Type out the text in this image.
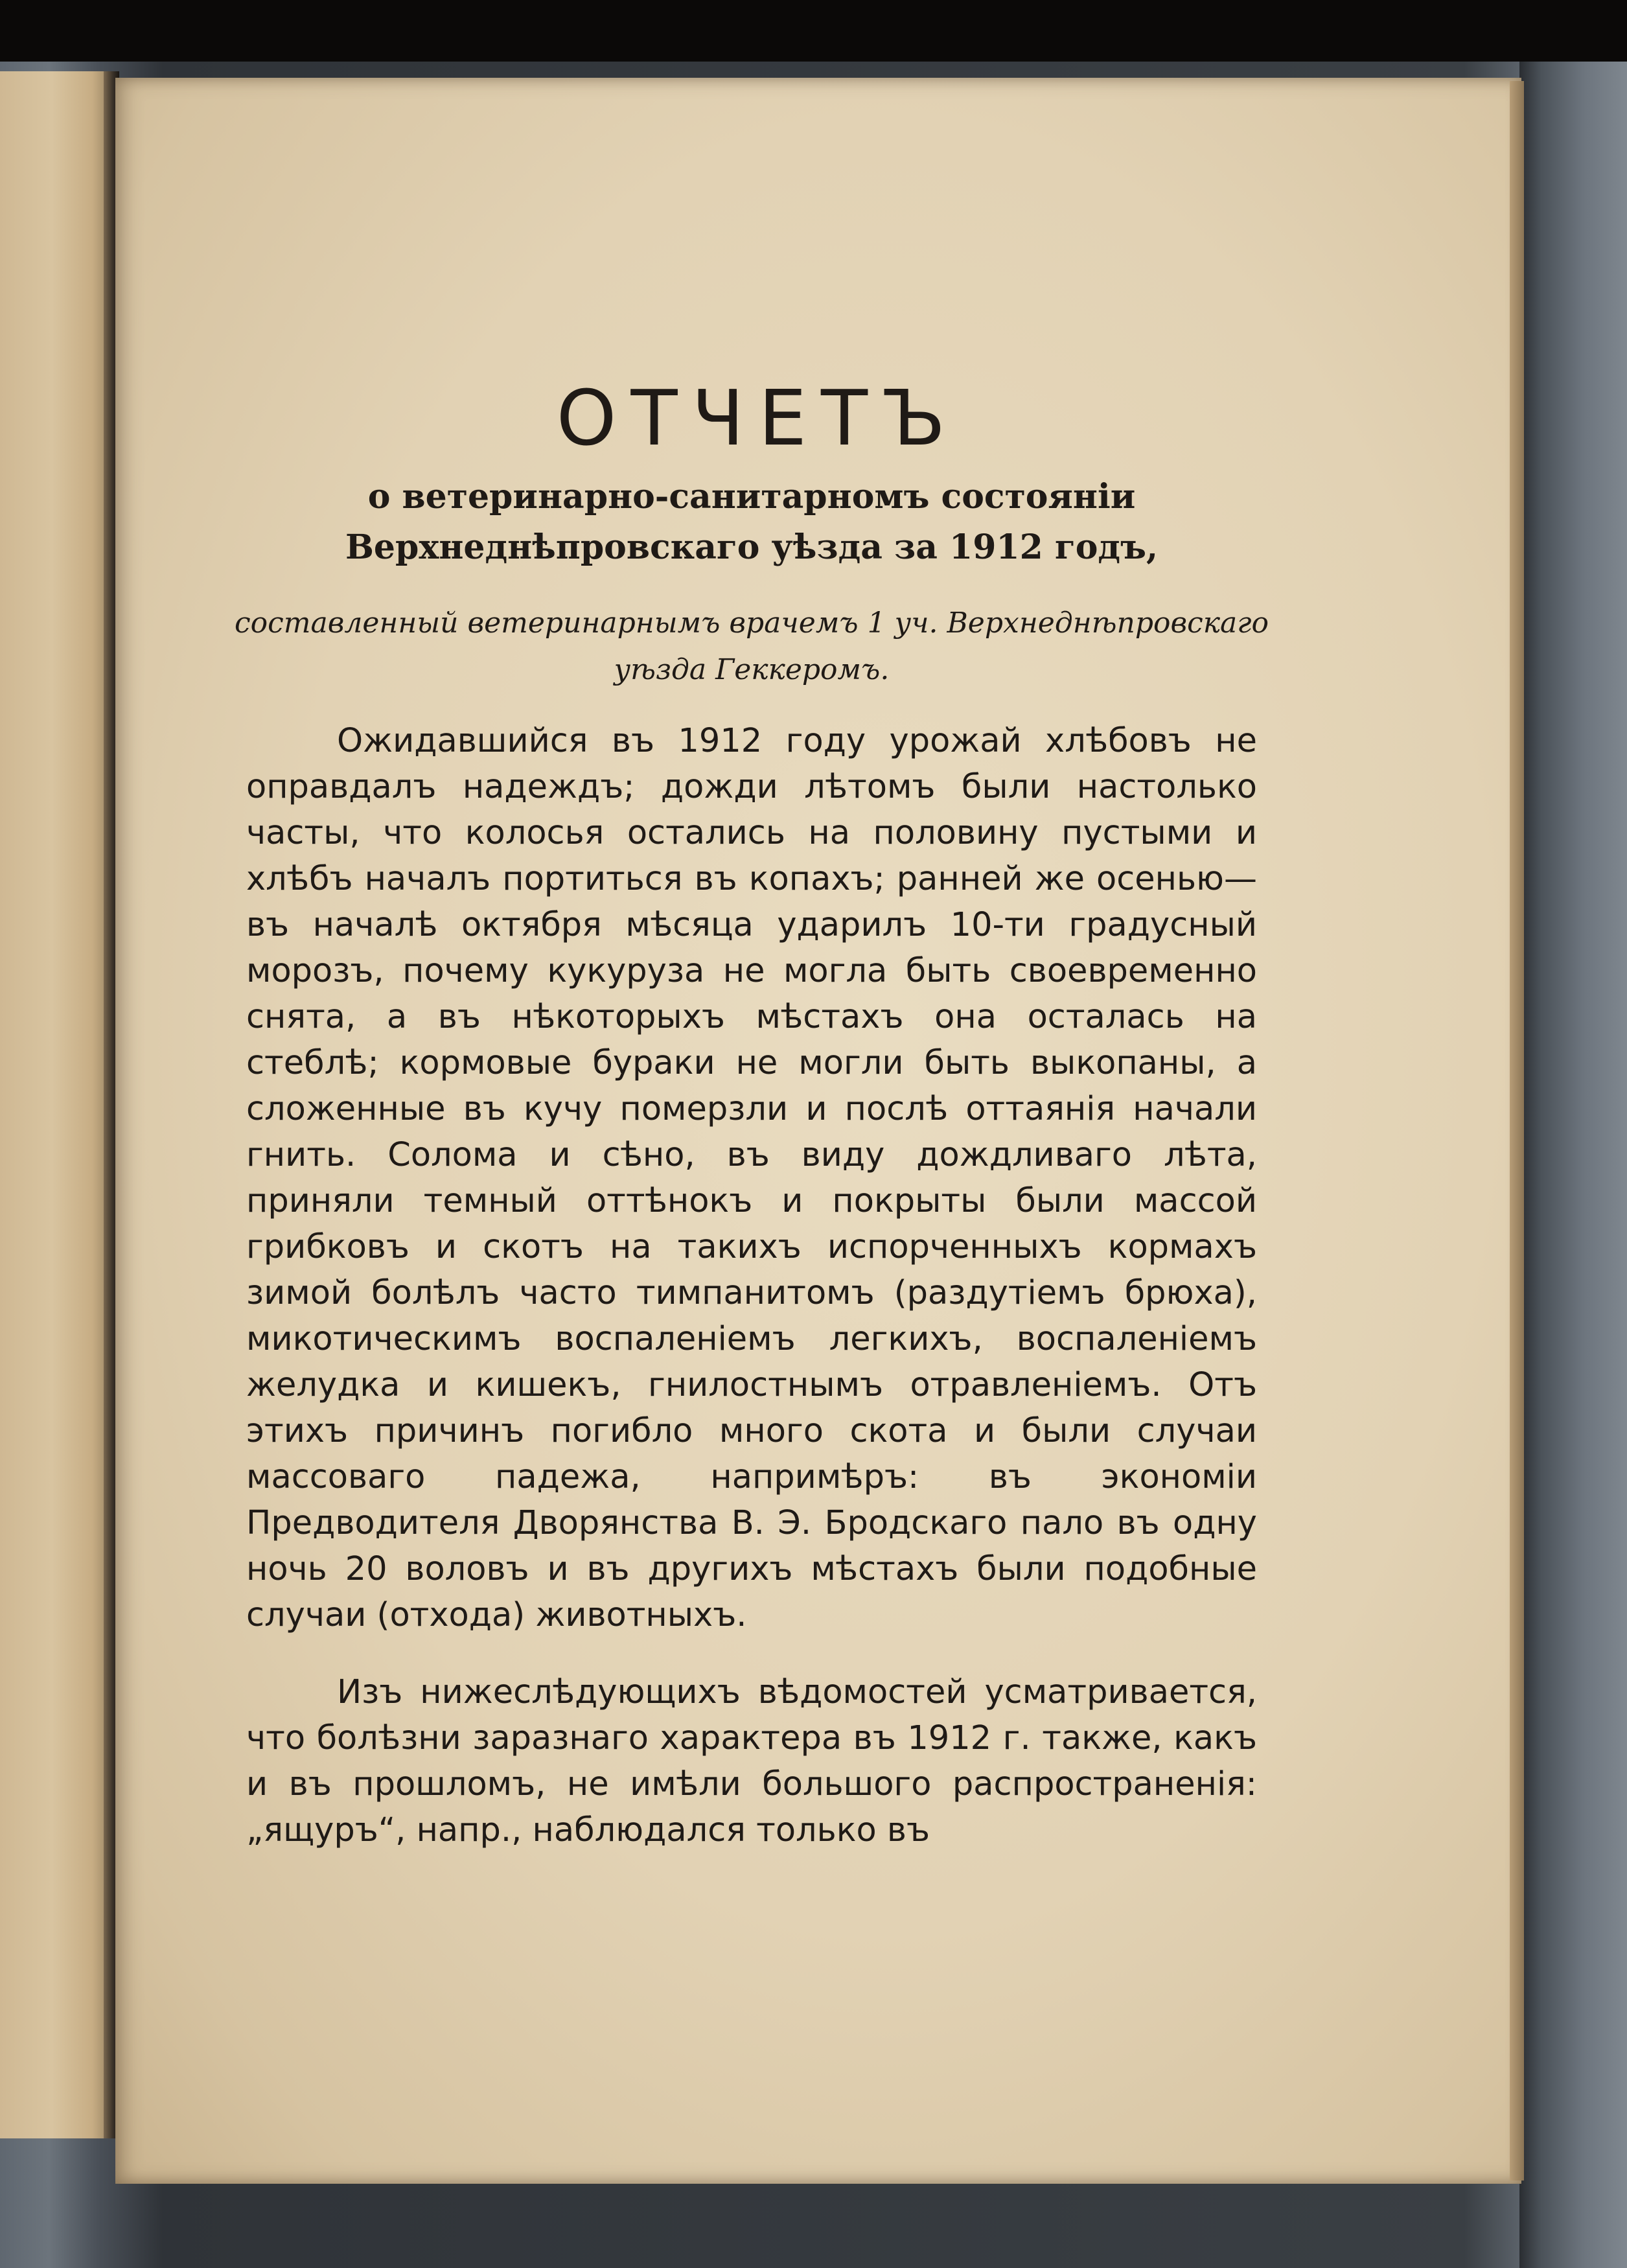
ОТЧЕТЪ

о ветеринарно-санитарномъ состоянiи Верхнеднѣпровскаго уѣзда за 1912 годъ,

составленный ветеринарнымъ врачемъ 1 уч. Верхнеднѣпровскаго уѣзда Геккеромъ.

Ожидавшийся въ 1912 году урожай хлѣбовъ не оправдалъ надеждъ; дожди лѣтомъ были настолько часты, что колосья остались на половину пустыми и хлѣбъ началъ портиться въ копахъ; ранней же осенью—въ началѣ октября мѣсяца ударилъ 10-ти градусный морозъ, почему кукуруза не могла быть своевременно снята, а въ нѣкоторыхъ мѣстахъ она осталась на стеблѣ; кормовые бураки не могли быть выкопаны, а сложенные въ кучу померзли и послѣ оттаянiя начали гнить. Солома и сѣно, въ виду дождливаго лѣта, приняли темный оттѣнокъ и покрыты были массой грибковъ и скотъ на такихъ испорченныхъ кормахъ зимой болѣлъ часто тимпанитомъ (раздутiемъ брюха), микотическимъ воспаленiемъ легкихъ, воспаленiемъ желудка и кишекъ, гнилостнымъ отравленiемъ. Отъ этихъ причинъ погибло много скота и были случаи массоваго падежа, напримѣръ: въ экономiи Предводителя Дворянства В. Э. Бродскаго пало въ одну ночь 20 воловъ и въ другихъ мѣстахъ были подобные случаи (отхода) животныхъ.

Изъ нижеслѣдующихъ вѣдомостей усматривается, что болѣзни заразнаго характера въ 1912 г. также, какъ и въ прошломъ, не имѣли большого распространенiя: „ящуръ“, напр., наблюдался только въ
